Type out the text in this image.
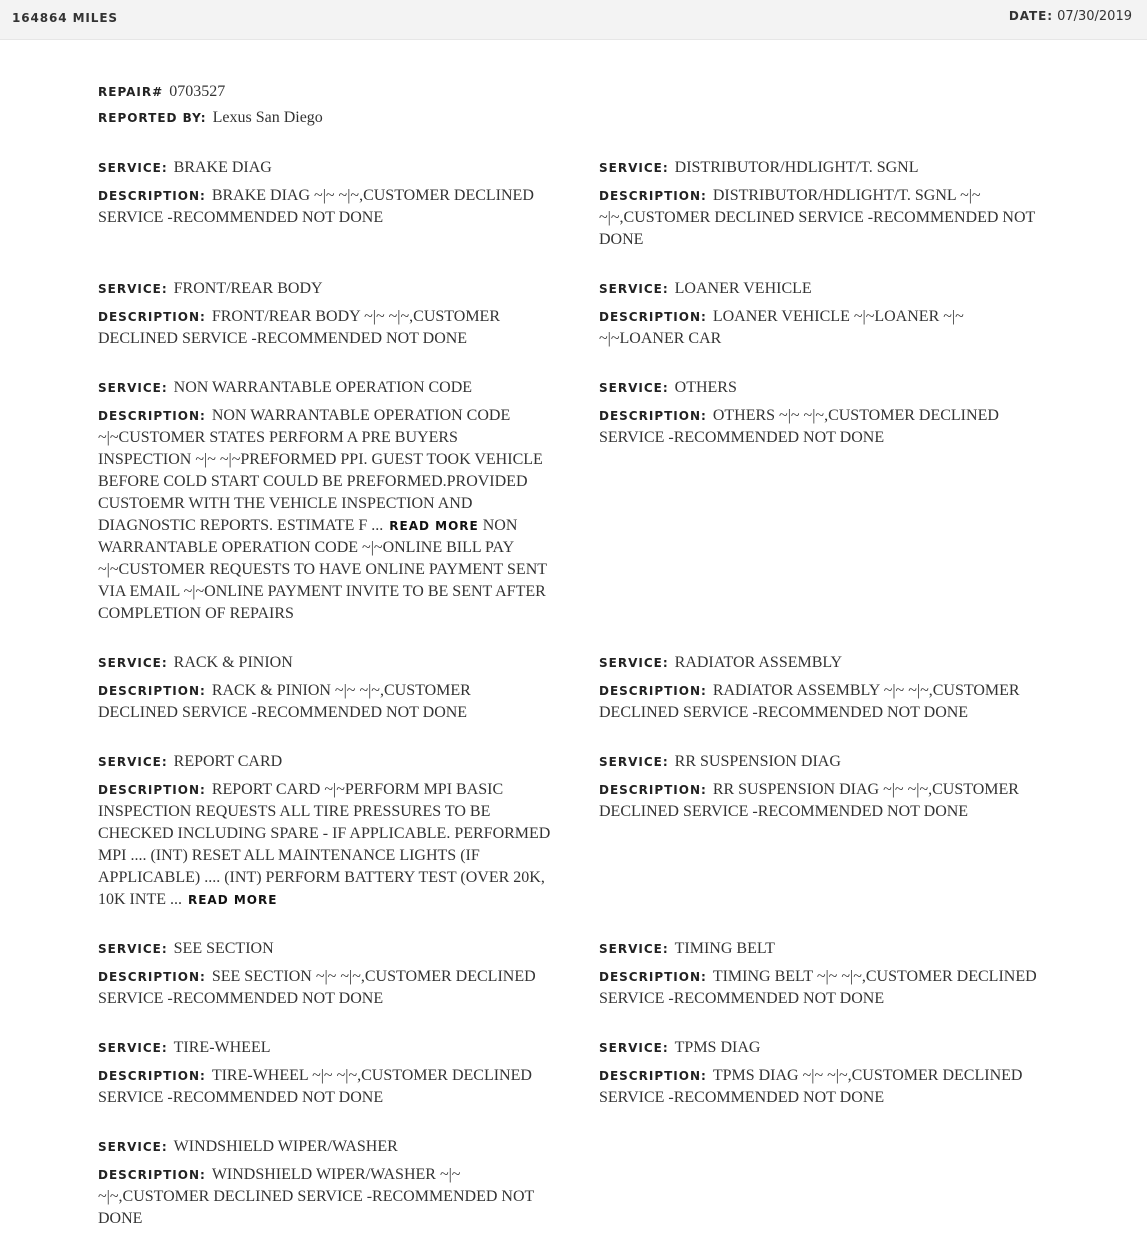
164864 MILES	DATE: 07/30/2019
REPAIR# 0703527
REPORTED BY: Lexus San Diego
SERVICE: BRAKE DIAG
DESCRIPTION: BRAKE DIAG ~|~ ~|~,CUSTOMER DECLINED SERVICE -RECOMMENDED NOT DONE
SERVICE: DISTRIBUTOR/HDLIGHT/T. SGNL
DESCRIPTION: DISTRIBUTOR/HDLIGHT/T. SGNL ~|~ ~|~,CUSTOMER DECLINED SERVICE -RECOMMENDED NOT DONE
SERVICE: FRONT/REAR BODY
DESCRIPTION: FRONT/REAR BODY ~|~ ~|~,CUSTOMER DECLINED SERVICE -RECOMMENDED NOT DONE
SERVICE: LOANER VEHICLE
DESCRIPTION: LOANER VEHICLE ~|~LOANER ~|~ ~|~LOANER CAR
SERVICE: NON WARRANTABLE OPERATION CODE
DESCRIPTION: NON WARRANTABLE OPERATION CODE ~|~CUSTOMER STATES PERFORM A PRE BUYERS INSPECTION ~|~ ~|~PREFORMED PPI. GUEST TOOK VEHICLE BEFORE COLD START COULD BE PREFORMED.PROVIDED CUSTOEMR WITH THE VEHICLE INSPECTION AND DIAGNOSTIC REPORTS. ESTIMATE F ... READ MORE NON WARRANTABLE OPERATION CODE ~|~ONLINE BILL PAY ~|~CUSTOMER REQUESTS TO HAVE ONLINE PAYMENT SENT VIA EMAIL ~|~ONLINE PAYMENT INVITE TO BE SENT AFTER COMPLETION OF REPAIRS
SERVICE: OTHERS
DESCRIPTION: OTHERS ~|~ ~|~,CUSTOMER DECLINED SERVICE -RECOMMENDED NOT DONE
SERVICE: RACK & PINION
DESCRIPTION: RACK & PINION ~|~ ~|~,CUSTOMER DECLINED SERVICE -RECOMMENDED NOT DONE
SERVICE: RADIATOR ASSEMBLY
DESCRIPTION: RADIATOR ASSEMBLY ~|~ ~|~,CUSTOMER DECLINED SERVICE -RECOMMENDED NOT DONE
SERVICE: REPORT CARD
DESCRIPTION: REPORT CARD ~|~PERFORM MPI BASIC INSPECTION REQUESTS ALL TIRE PRESSURES TO BE CHECKED INCLUDING SPARE - IF APPLICABLE. PERFORMED MPI .... (INT) RESET ALL MAINTENANCE LIGHTS (IF APPLICABLE) .... (INT) PERFORM BATTERY TEST (OVER 20K, 10K INTE ... READ MORE
SERVICE: RR SUSPENSION DIAG
DESCRIPTION: RR SUSPENSION DIAG ~|~ ~|~,CUSTOMER DECLINED SERVICE -RECOMMENDED NOT DONE
SERVICE: SEE SECTION
DESCRIPTION: SEE SECTION ~|~ ~|~,CUSTOMER DECLINED SERVICE -RECOMMENDED NOT DONE
SERVICE: TIMING BELT
DESCRIPTION: TIMING BELT ~|~ ~|~,CUSTOMER DECLINED SERVICE -RECOMMENDED NOT DONE
SERVICE: TIRE-WHEEL
DESCRIPTION: TIRE-WHEEL ~|~ ~|~,CUSTOMER DECLINED SERVICE -RECOMMENDED NOT DONE
SERVICE: TPMS DIAG
DESCRIPTION: TPMS DIAG ~|~ ~|~,CUSTOMER DECLINED SERVICE -RECOMMENDED NOT DONE
SERVICE: WINDSHIELD WIPER/WASHER
DESCRIPTION: WINDSHIELD WIPER/WASHER ~|~ ~|~,CUSTOMER DECLINED SERVICE -RECOMMENDED NOT DONE
